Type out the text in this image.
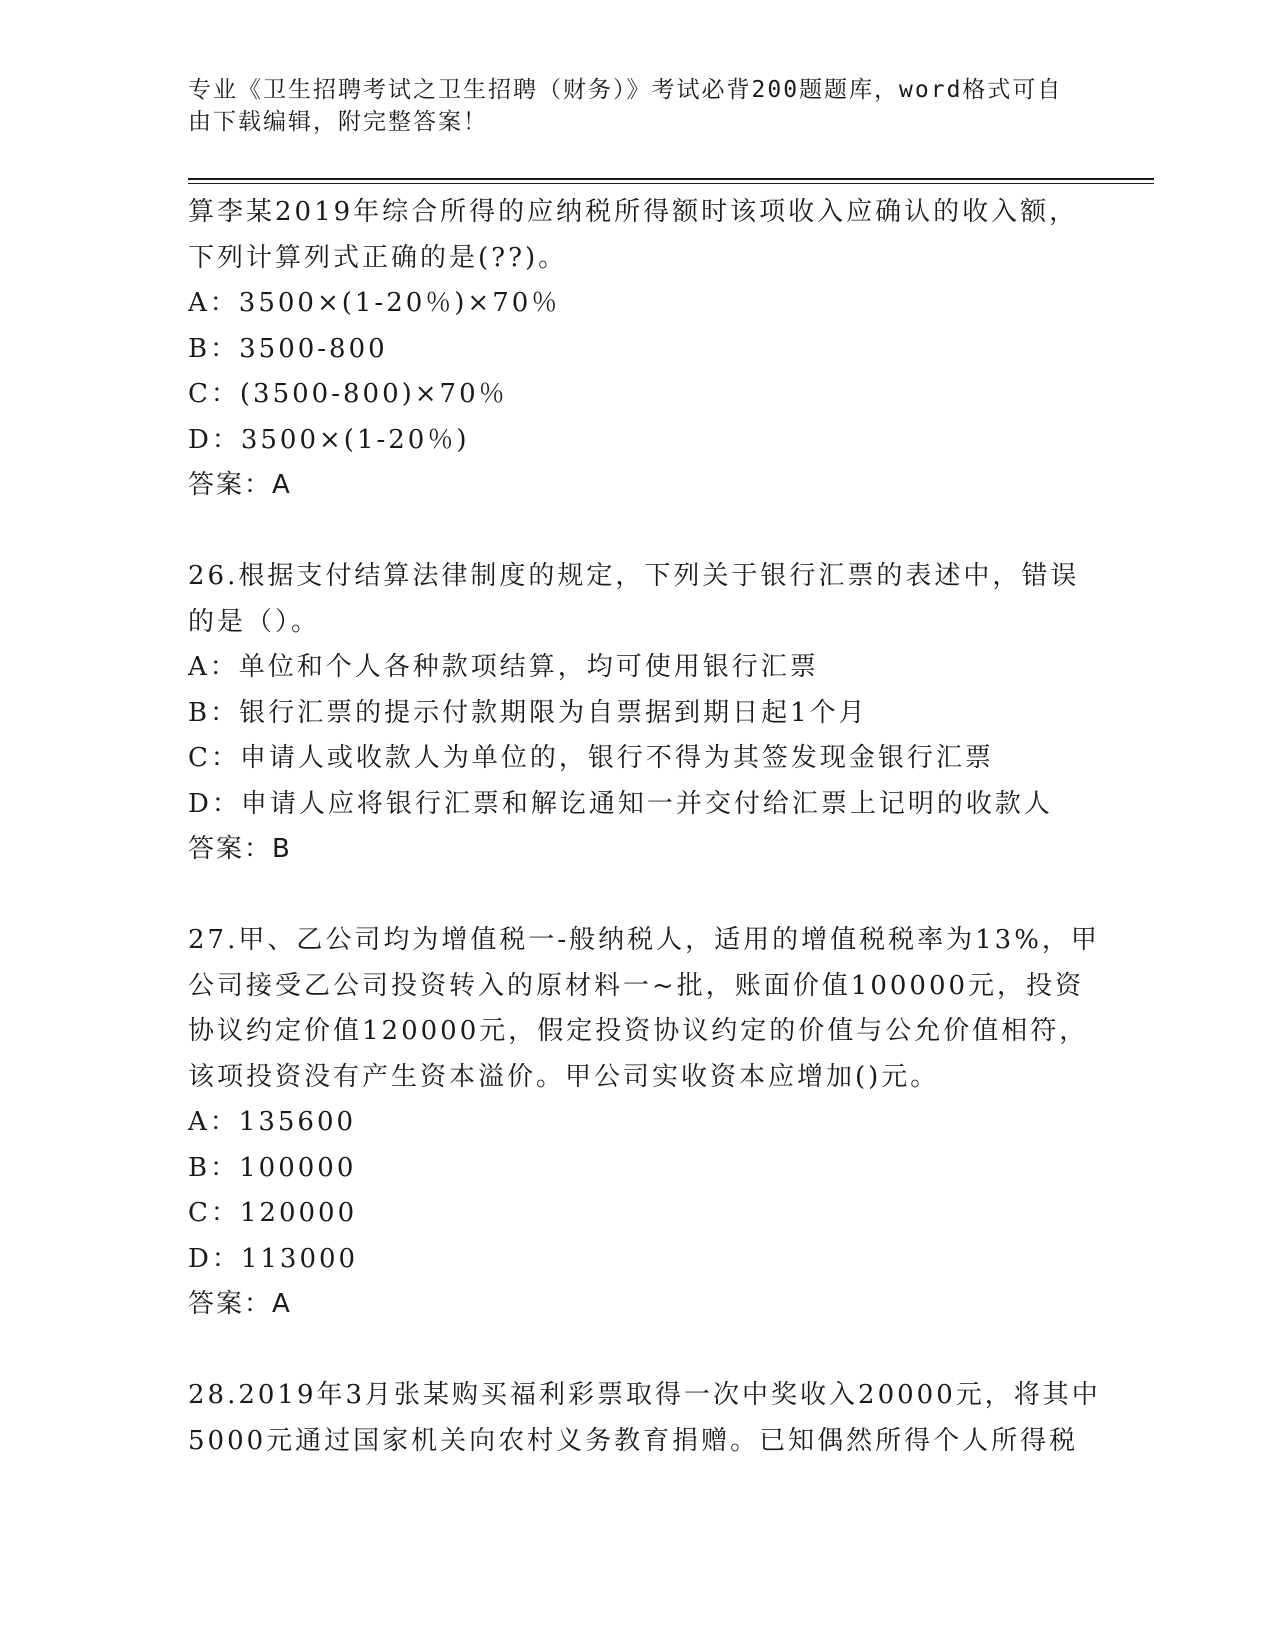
专业《卫生招聘考试之卫生招聘（财务）》考试必背200题题库，word格式可自
由下载编辑，附完整答案！
算李某2019年综合所得的应纳税所得额时该项收入应确认的收入额，
下列计算列式正确的是(??)。
A：3500×(1-20％)×70％
B：3500-800
C：(3500-800)×70％
D：3500×(1-20％)
答案：A
26.根据支付结算法律制度的规定，下列关于银行汇票的表述中，错误
的是（）。
A：单位和个人各种款项结算，均可使用银行汇票
B：银行汇票的提示付款期限为自票据到期日起1个月
C：申请人或收款人为单位的，银行不得为其签发现金银行汇票
D：申请人应将银行汇票和解讫通知一并交付给汇票上记明的收款人
答案：B
27.甲、乙公司均为增值税一-般纳税人，适用的增值税税率为13%，甲
公司接受乙公司投资转入的原材料一~批，账面价值100000元，投资
协议约定价值120000元，假定投资协议约定的价值与公允价值相符，
该项投资没有产生资本溢价。甲公司实收资本应增加()元。
A：135600
B：100000
C：120000
D：113000
答案：A
28.2019年3月张某购买福利彩票取得一次中奖收入20000元，将其中
5000元通过国家机关向农村义务教育捐赠。已知偶然所得个人所得税
